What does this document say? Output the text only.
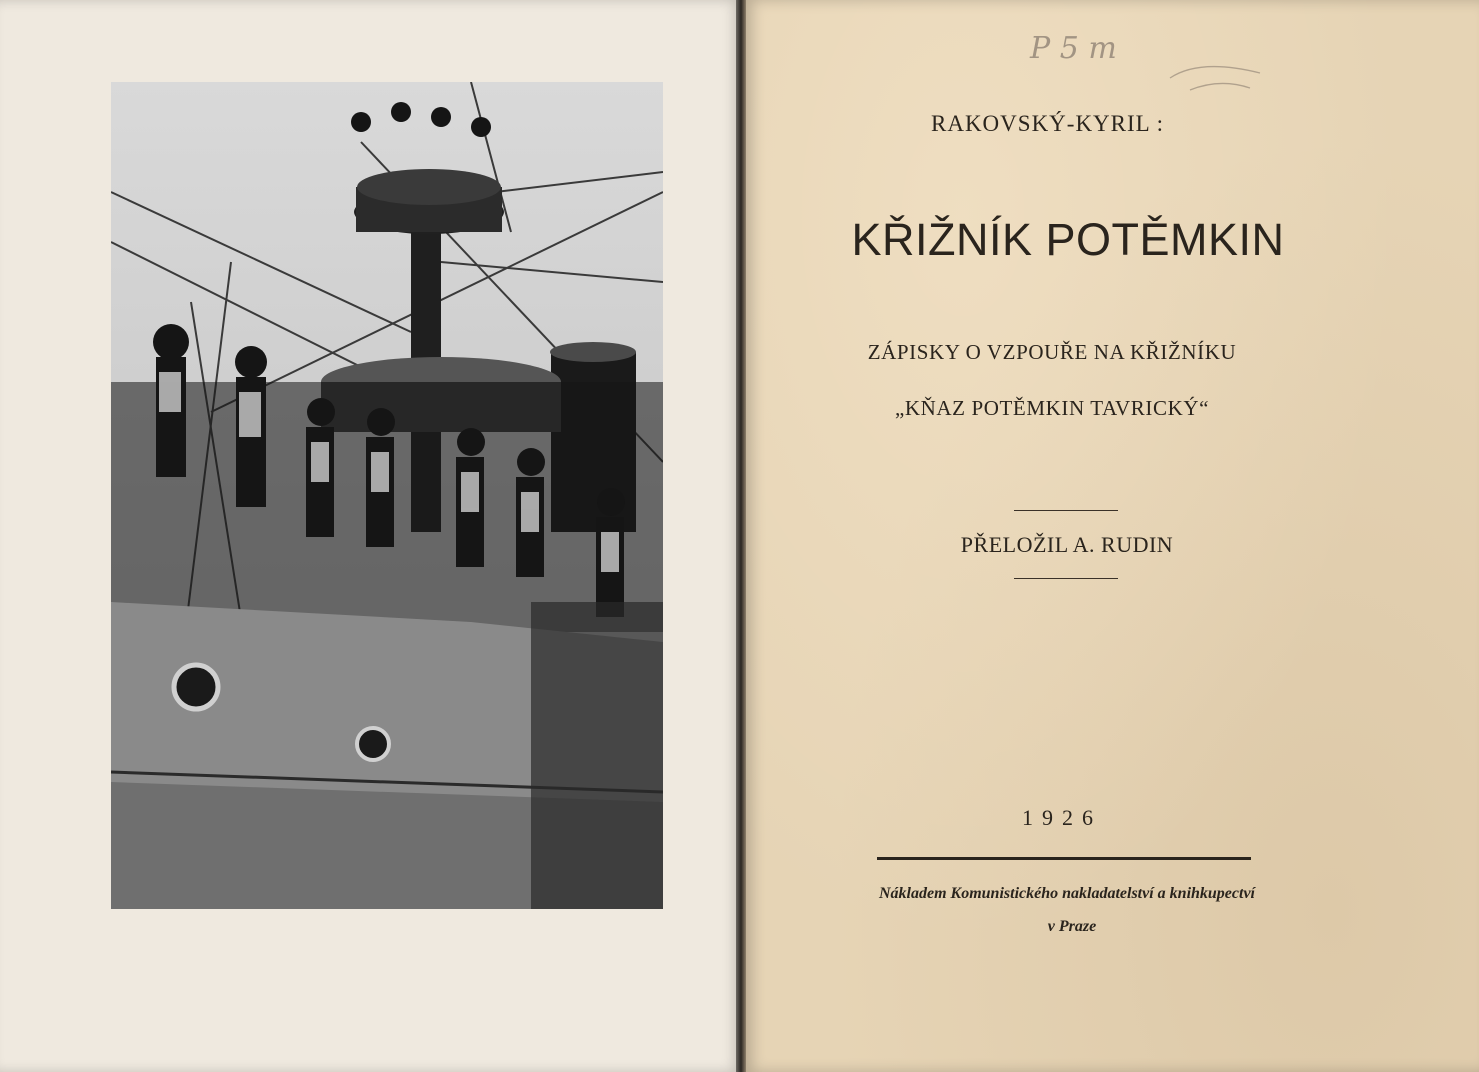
P 5 m
RAKOVSKÝ-KYRIL :
KŘIŽNÍK POTĚMKIN
ZÁPISKY O VZPOUŘE NA KŘIŽNÍKU
„KŇAZ POTĚMKIN TAVRICKÝ“
PŘELOŽIL A. RUDIN
1926
Nákladem Komunistického nakladatelství a knihkupectví
v Praze
